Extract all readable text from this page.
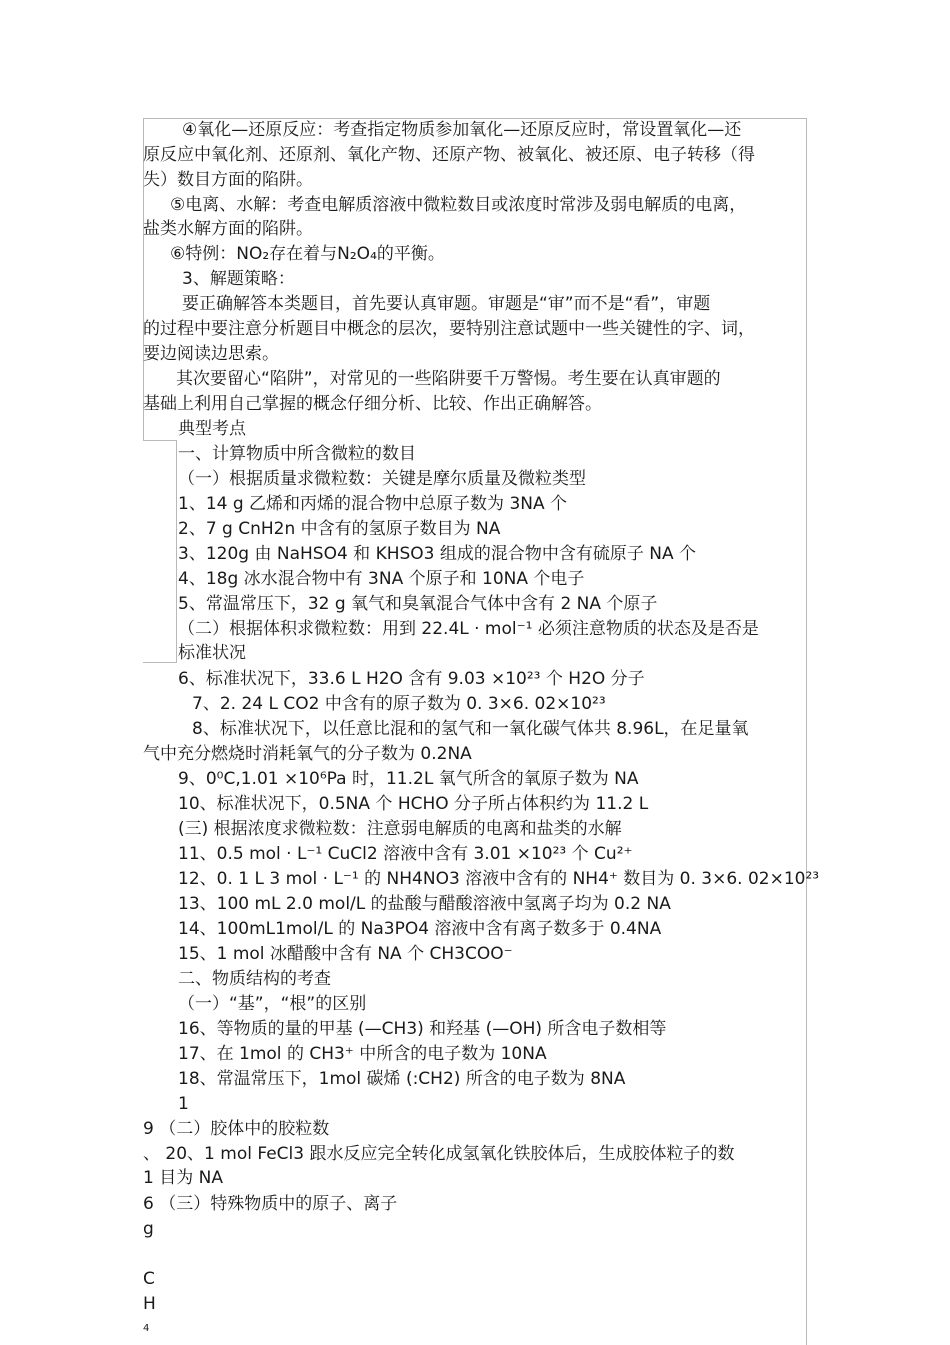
④氧化—还原反应：考查指定物质参加氧化—还原反应时，常设置氧化—还
原反应中氧化剂、还原剂、氧化产物、还原产物、被氧化、被还原、电子转移（得
失）数目方面的陷阱。
⑤电离、水解：考查电解质溶液中微粒数目或浓度时常涉及弱电解质的电离，
盐类水解方面的陷阱。
⑥特例：NO₂存在着与N₂O₄的平衡。
3、解题策略：
要正确解答本类题目，首先要认真审题。审题是“审”而不是“看”，审题
的过程中要注意分析题目中概念的层次，要特别注意试题中一些关键性的字、词，
要边阅读边思索。
其次要留心“陷阱”，对常见的一些陷阱要千万警惕。考生要在认真审题的
基础上利用自己掌握的概念仔细分析、比较、作出正确解答。
典型考点
一、计算物质中所含微粒的数目
（一）根据质量求微粒数：关键是摩尔质量及微粒类型
1、14 g 乙烯和丙烯的混合物中总原子数为 3NA 个
2、7 g CnH2n 中含有的氢原子数目为 NA
3、120g 由 NaHSO4 和 KHSO3 组成的混合物中含有硫原子 NA 个
4、18g 冰水混合物中有 3NA 个原子和 10NA 个电子
5、常温常压下，32 g 氧气和臭氧混合气体中含有 2 NA 个原子
（二）根据体积求微粒数：用到 22.4L · mol⁻¹ 必须注意物质的状态及是否是
标准状况
6、标准状况下，33.6 L H2O 含有 9.03 ×10²³ 个 H2O 分子
7、2. 24 L CO2 中含有的原子数为 0. 3×6. 02×10²³
8、标准状况下，以任意比混和的氢气和一氧化碳气体共 8.96L，在足量氧
气中充分燃烧时消耗氧气的分子数为 0.2NA
9、0⁰C,1.01 ×10⁶Pa 时，11.2L 氧气所含的氧原子数为 NA
10、标准状况下，0.5NA 个 HCHO 分子所占体积约为 11.2 L
(三) 根据浓度求微粒数：注意弱电解质的电离和盐类的水解
11、0.5 mol · L⁻¹ CuCl2 溶液中含有 3.01 ×10²³ 个 Cu²⁺
12、0. 1 L 3 mol · L⁻¹ 的 NH4NO3 溶液中含有的 NH4⁺ 数目为 0. 3×6. 02×10²³
13、100 mL 2.0 mol/L 的盐酸与醋酸溶液中氢离子均为 0.2 NA
14、100mL1mol/L 的 Na3PO4 溶液中含有离子数多于 0.4NA
15、1 mol 冰醋酸中含有 NA 个 CH3COO⁻
二、物质结构的考查
（一）“基”，“根”的区别
16、等物质的量的甲基 (—CH3) 和羟基 (—OH) 所含电子数相等
17、在 1mol 的 CH3⁺ 中所含的电子数为 10NA
18、常温常压下，1mol 碳烯 (:CH2) 所含的电子数为 8NA
1
9 （二）胶体中的胶粒数
、 20、1 mol FeCl3 跟水反应完全转化成氢氧化铁胶体后，生成胶体粒子的数
1 目为 NA
6 （三）特殊物质中的原子、离子
g
C
H
4
